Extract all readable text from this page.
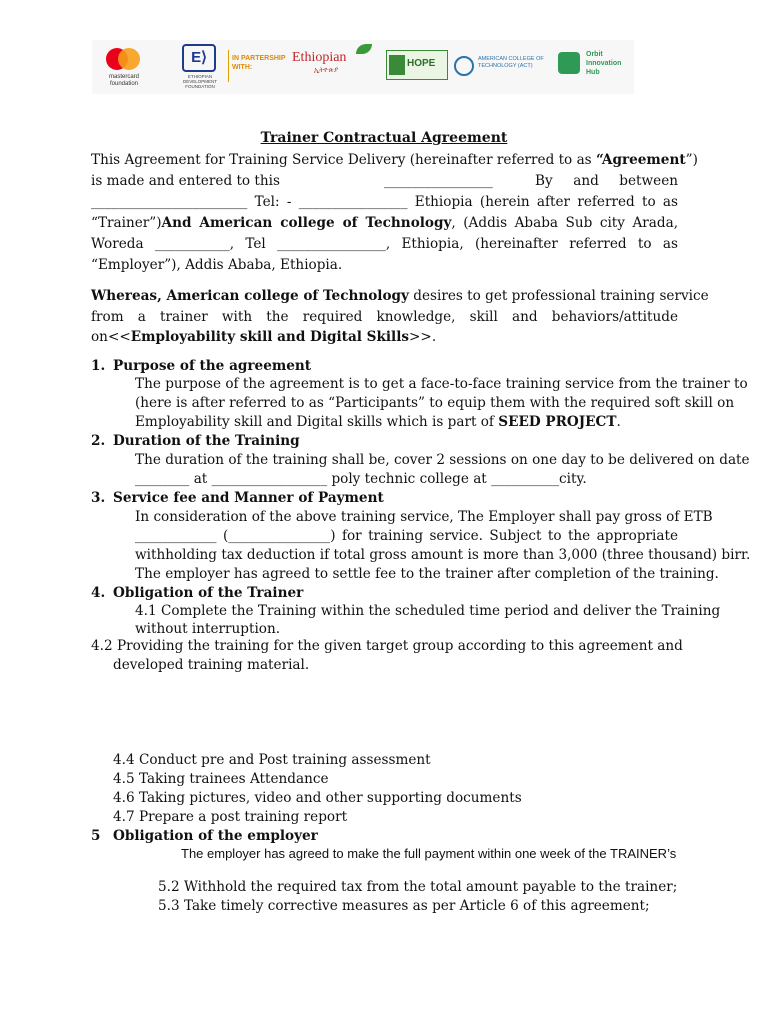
mastercard foundation
E⟩
ETHIOPIAN DEVELOPMENT FOUNDATION
IN PARTERSHIP WITH:
Ethiopian
ኢትዮጵያ
HOPE	AMERICAN COLLEGE OF TECHNOLOGY (ACT)
Orbit Innovation Hub
Trainer Contractual Agreement
This Agreement for Training Service Delivery (hereinafter referred to as “Agreement”)
is made and entered to this	________________	By and between
_______________________ Tel: - ________________ Ethiopia (herein after referred to as
“Trainer”)And American college of Technology, (Addis Ababa Sub city Arada,
Woreda ___________, Tel ________________, Ethiopia, (hereinafter referred to as
“Employer”), Addis Ababa, Ethiopia.
Whereas, American college of Technology desires to get professional training service
from a trainer with the required knowledge, skill and behaviors/attitude
on<<Employability skill and Digital Skills>>.
1. Purpose of the agreement
The purpose of the agreement is to get a face-to-face training service from the trainer to
(here is after referred to as “Participants” to equip them with the required soft skill on
Employability skill and Digital skills which is part of SEED PROJECT.
2. Duration of the Training
The duration of the training shall be, cover 2 sessions on one day to be delivered on date
________ at _________________ poly technic college at __________city.
3. Service fee and Manner of Payment
In consideration of the above training service, The Employer shall pay gross of ETB
____________ (_______________) for training service. Subject to the appropriate
withholding tax deduction if total gross amount is more than 3,000 (three thousand) birr.
The employer has agreed to settle fee to the trainer after completion of the training.
4. Obligation of the Trainer
4.1 Complete the Training within the scheduled time period and deliver the Training
without interruption.
4.2 Providing the training for the given target group according to this agreement and
developed training material.
4.4 Conduct pre and Post training assessment
4.5 Taking trainees Attendance
4.6 Taking pictures, video and other supporting documents
4.7 Prepare a post training report
5 Obligation of the employer
The employer has agreed to make the full payment within one week of the TRAINER’s
5.2 Withhold the required tax from the total amount payable to the trainer;
5.3 Take timely corrective measures as per Article 6 of this agreement;
